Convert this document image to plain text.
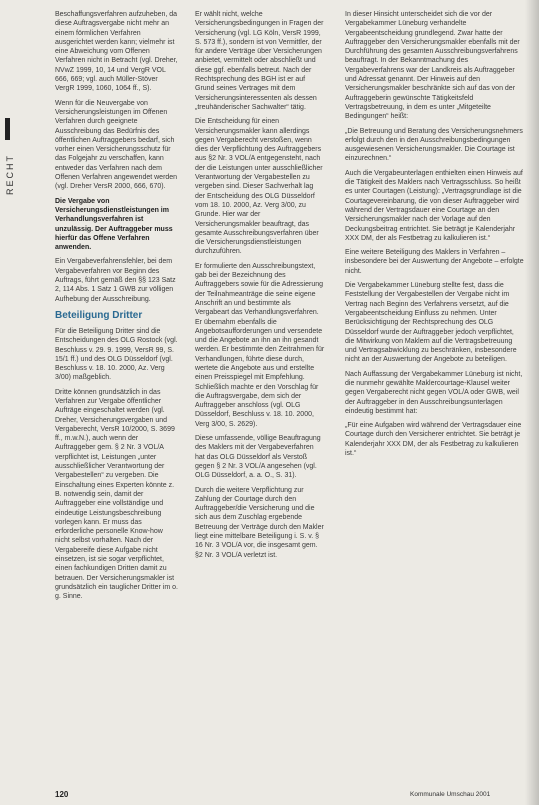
RECHT

Beschaffungsverfahren aufzuheben, da diese Auftragsvergabe nicht mehr an einem förmlichen Verfahren ausgerichtet werden kann; vielmehr ist eine Abweichung vom Offenen Verfahren nicht in Betracht (vgl. Dreher, NVwZ 1999, 10, 14 und VergR VOL 666, 669; vgl. auch Müller-Stöver VergR 1999, 1060, 1064 ff., S).

Wenn für die Neuvergabe von Versicherungsleistungen im Offenen Verfahren durch geeignete Ausschreibung das Bedürfnis des öffentlichen Auftraggebers bedarf, sich vorher einen Versicherungsschutz für das Folgejahr zu verschaffen, kann entweder das Verfahren nach dem Offenen Verfahren angewendet werden (vgl. Dreher VersR 2000, 666, 670).

Die Vergabe von Versicherungsdienstleistungen im Verhandlungsverfahren ist unzulässig. Der Auftraggeber muss hierfür das Offene Verfahren anwenden.

Ein Vergabeverfahrensfehler, bei dem Vergabeverfahren vor Beginn des Auftrags, führt gemäß den §§ 123 Satz 2, 114 Abs. 1 Satz 1 GWB zur völligen Aufhebung der Ausschreibung.

Beteiligung Dritter

Für die Beteiligung Dritter sind die Entscheidungen des OLG Rostock (vgl. Beschluss v. 29. 9. 1999, VersR 99, S. 15/1 ff.) und des OLG Düsseldorf (vgl. Beschluss v. 18. 10. 2000, Az. Verg 3/00) maßgeblich.

Dritte können grundsätzlich in das Verfahren zur Vergabe öffentlicher Aufträge eingeschaltet werden (vgl. Dreher, Versicherungsvergaben und Vergaberecht, VersR 10/2000, S. 3699 ff., m.w.N.), auch wenn der Auftraggeber gem. § 2 Nr. 3 VOL/A verpflichtet ist, Leistungen „unter ausschließlicher Verantwortung der Vergabestellen“ zu vergeben. Die Einschaltung eines Experten könnte z. B. notwendig sein, damit der Auftraggeber eine vollständige und eindeutige Leistungsbeschreibung vorlegen kann. Er muss das erforderliche personelle Know-how nicht selbst vorhalten. Nach der Vergabereife diese Aufgabe nicht einsetzen, ist sie sogar verpflichtet, einen fachkundigen Dritten damit zu betrauen. Der Versicherungsmakler ist grundsätzlich ein tauglicher Dritter im o. g. Sinne.

Er wählt nicht, welche Versicherungsbedingungen in Fragen der Versicherung (vgl. LG Köln, VersR 1999, S. 573 ff.), sondern ist von Vermittler, der für andere Verträge über Versicherungen anbietet, vermittelt oder abschließt und diese ggf. ebenfalls betreut. Nach der Rechtsprechung des BGH ist er auf Grund seines Vertrages mit dem Versicherungsinteressenten als dessen „treuhänderischer Sachwalter“ tätig.

Die Entscheidung für einen Versicherungsmakler kann allerdings gegen Vergaberecht verstoßen, wenn dies der Verpflichtung des Auftraggebers aus §2 Nr. 3 VOL/A entgegensteht, nach der die Leistungen unter ausschließlicher Verantwortung der Vergabestellen zu vergeben sind. Dieser Sachverhalt lag der Entscheidung des OLG Düsseldorf vom 18. 10. 2000, Az. Verg 3/00, zu Grunde. Hier war der Versicherungsmakler beauftragt, das gesamte Ausschreibungsverfahren über die Versicherungsdienstleistungen durchzuführen.

Er formulierte den Ausschreibungstext, gab bei der Bezeichnung des Auftraggebers sowie für die Adressierung der Teilnahmeanträge die seine eigene Anschrift an und bestimmte als Vergabeart das Verhandlungsverfahren. Er übernahm ebenfalls die Angebotsaufforderungen und versendete und die Angebote an ihn an ihn gesandt werden. Er bestimmte den Zeitrahmen für Verhandlungen, führte diese durch, wertete die Angebote aus und erstellte einen Preisspiegel mit Empfehlung. Schließlich machte er den Vorschlag für die Auftragsvergabe, dem sich der Auftraggeber anschloss (vgl. OLG Düsseldorf, Beschluss v. 18. 10. 2000, Verg 3/00, S. 2629).

Diese umfassende, völlige Beauftragung des Maklers mit der Vergabeverfahren hat das OLG Düsseldorf als Verstoß gegen § 2 Nr. 3 VOL/A angesehen (vgl. OLG Düsseldorf, a. a. O., S. 31).

Durch die weitere Verpflichtung zur Zahlung der Courtage durch den Auftraggeber/die Versicherung und die sich aus dem Zuschlag ergebende Betreuung der Verträge durch den Makler liegt eine mittelbare Beteiligung i. S. v. § 16 Nr. 3 VOL/A vor, die insgesamt gem. §2 Nr. 3 VOL/A verletzt ist.

In dieser Hinsicht unterscheidet sich die vor der Vergabekammer Lüneburg verhandelte Vergabeentscheidung grundlegend. Zwar hatte der Auftraggeber den Versicherungsmakler ebenfalls mit der Durchführung des gesamten Ausschreibungsverfahrens beauftragt. In der Bekanntmachung des Vergabeverfahrens war der Landkreis als Auftraggeber und Adressat genannt. Der Hinweis auf den Versicherungsmakler beschränkte sich auf das von der Auftraggeberin gewünschte Tätigkeitsfeld Vertragsbetreuung, in dem es unter „Mitgeteilte Bedingungen“ heißt:

„Die Betreuung und Beratung des Versicherungsnehmers erfolgt durch den in den Ausschreibungsbedingungen ausgewiesenen Versicherungsmakler. Die Courtage ist einzurechnen.“

Auch die Vergabeunterlagen enthielten einen Hinweis auf die Tätigkeit des Maklers nach Vertragsschluss. So heißt es unter Courtagen (Leistung): „Vertragsgrundlage ist die Courtagevereinbarung, die von dieser Auftraggeber wird während der Vertragsdauer eine Courtage an den Versicherungsmakler nach der Vorlage auf den Deckungsbeitrag entrichtet. Sie beträgt je Kalenderjahr XXX DM, der als Festbetrag zu kalkulieren ist.“

Eine weitere Beteiligung des Maklers in Verfahren – insbesondere bei der Auswertung der Angebote – erfolgte nicht.

Die Vergabekammer Lüneburg stellte fest, dass die Feststellung der Vergabestellen der Vergabe nicht im Vertrag nach Beginn des Verfahrens versetzt, auf die Vergabeentscheidung Einfluss zu nehmen. Unter Berücksichtigung der Rechtsprechung des OLG Düsseldorf wurde der Auftraggeber jedoch verpflichtet, die Mitwirkung von Maklern auf die Vertragsbetreuung und Vertragsabwicklung zu beschränken, insbesondere nicht an der Auswertung der Angebote zu beteiligen.

Nach Auffassung der Vergabekammer Lüneburg ist nicht, die nunmehr gewählte Maklercourtage-Klausel weiter gegen Vergaberecht nicht gegen VOL/A oder GWB, weil der Auftraggeber in den Ausschreibungsunterlagen eindeutig bestimmt hat:

„Für eine Aufgaben wird während der Vertragsdauer eine Courtage durch den Versicherer entrichtet. Sie beträgt je Kalenderjahr XXX DM, der als Festbetrag zu kalkulieren ist.“

120	Kommunale Umschau 2001
